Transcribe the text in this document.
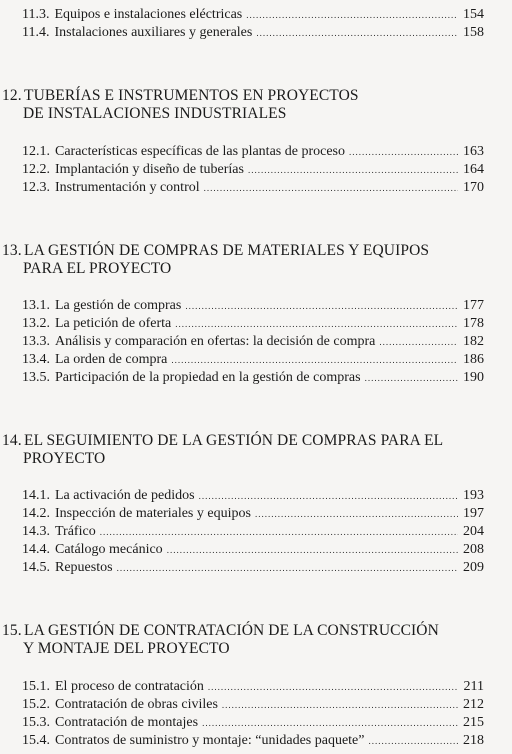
11.3. Equipos e instalaciones eléctricas .....	154
11.4. Instalaciones auxiliares y generales .....	158
12. TUBERÍAS E INSTRUMENTOS EN PROYECTOS
DE INSTALACIONES INDUSTRIALES
12.1. Características específicas de las plantas de proceso .....	163
12.2. Implantación y diseño de tuberías .....	164
12.3. Instrumentación y control .....	170
13. LA GESTIÓN DE COMPRAS DE MATERIALES Y EQUIPOS
PARA EL PROYECTO
13.1. La gestión de compras .....	177
13.2. La petición de oferta .....	178
13.3. Análisis y comparación en ofertas: la decisión de compra .....	182
13.4. La orden de compra .....	186
13.5. Participación de la propiedad en la gestión de compras .....	190
14. EL SEGUIMIENTO DE LA GESTIÓN DE COMPRAS PARA EL
PROYECTO
14.1. La activación de pedidos .....	193
14.2. Inspección de materiales y equipos .....	197
14.3. Tráfico .....	204
14.4. Catálogo mecánico .....	208
14.5. Repuestos .....	209
15. LA GESTIÓN DE CONTRATACIÓN DE LA CONSTRUCCIÓN
Y MONTAJE DEL PROYECTO
15.1. El proceso de contratación .....	211
15.2. Contratación de obras civiles .....	212
15.3. Contratación de montajes .....	215
15.4. Contratos de suministro y montaje: “unidades paquete” .....	218
